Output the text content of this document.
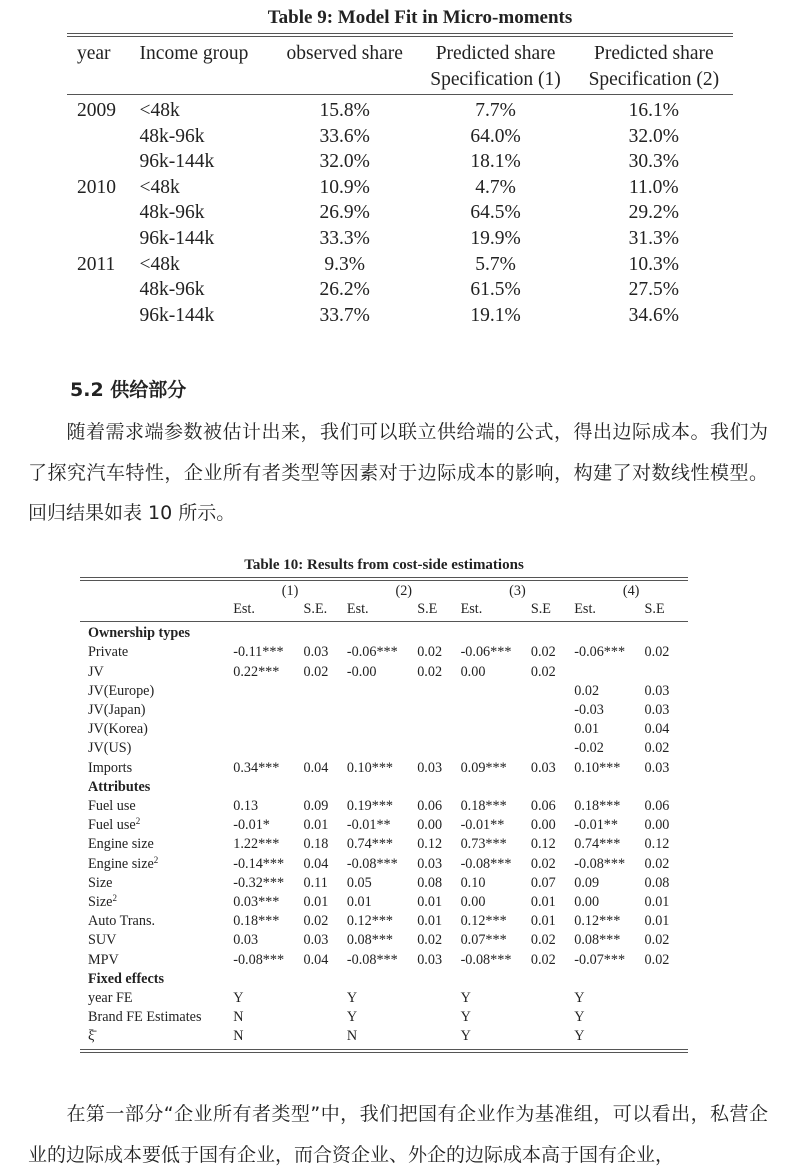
Table 9: Model Fit in Micro-moments
year	Income group	observed share	Predicted share	Predicted share
			Specification (1)	Specification (2)
2009	<48k	15.8%	7.7%	16.1%
	48k-96k	33.6%	64.0%	32.0%
	96k-144k	32.0%	18.1%	30.3%
2010	<48k	10.9%	4.7%	11.0%
	48k-96k	26.9%	64.5%	29.2%
	96k-144k	33.3%	19.9%	31.3%
2011	<48k	9.3%	5.7%	10.3%
	48k-96k	26.2%	61.5%	27.5%
	96k-144k	33.7%	19.1%	34.6%
5.2 供给部分
随着需求端参数被估计出来，我们可以联立供给端的公式，得出边际成本。我们为了探究汽车特性，企业所有者类型等因素对于边际成本的影响，构建了对数线性模型。回归结果如表 10 所示。
Table 10: Results from cost-side estimations
	(1)		(2)		(3)		(4)	
	Est.	S.E.	Est.	S.E	Est.	S.E	Est.	S.E
Ownership types								
Private	-0.11***	0.03	-0.06***	0.02	-0.06***	0.02	-0.06***	0.02
JV	0.22***	0.02	-0.00	0.02	0.00	0.02		
JV(Europe)							0.02	0.03
JV(Japan)							-0.03	0.03
JV(Korea)							0.01	0.04
JV(US)							-0.02	0.02
Imports	0.34***	0.04	0.10***	0.03	0.09***	0.03	0.10***	0.03
Attributes								
Fuel use	0.13	0.09	0.19***	0.06	0.18***	0.06	0.18***	0.06
Fuel use$^2$	-0.01*	0.01	-0.01**	0.00	-0.01**	0.00	-0.01**	0.00
Engine size	1.22***	0.18	0.74***	0.12	0.73***	0.12	0.74***	0.12
Engine size$^2$	-0.14***	0.04	-0.08***	0.03	-0.08***	0.02	-0.08***	0.02
Size	-0.32***	0.11	0.05	0.08	0.10	0.07	0.09	0.08
Size$^2$	0.03***	0.01	0.01	0.01	0.00	0.01	0.00	0.01
Auto Trans.	0.18***	0.02	0.12***	0.01	0.12***	0.01	0.12***	0.01
SUV	0.03	0.03	0.08***	0.02	0.07***	0.02	0.08***	0.02
MPV	-0.08***	0.04	-0.08***	0.03	-0.08***	0.02	-0.07***	0.02
Fixed effects								
year FE	Y		Y		Y		Y	
Brand FE Estimates	N		Y		Y		Y	
ξ̄	N		N		Y		Y	
在第一部分“企业所有者类型”中，我们把国有企业作为基准组，可以看出，私营企业的边际成本要低于国有企业，而合资企业、外企的边际成本高于国有企业，
